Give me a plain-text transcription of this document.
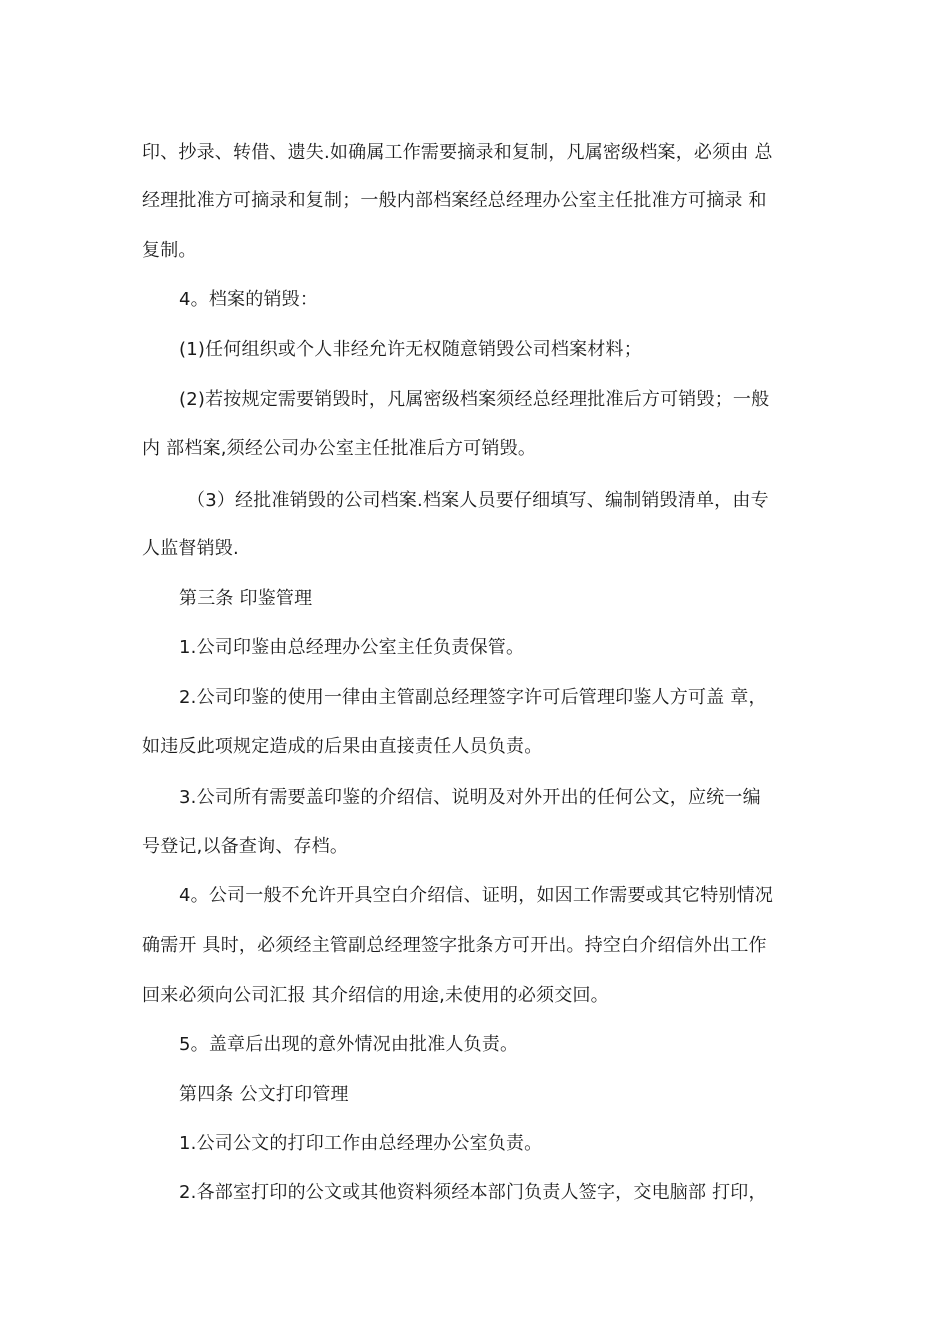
印、抄录、转借、遗失.如确属工作需要摘录和复制，凡属密级档案，必须由 总
经理批准方可摘录和复制；一般内部档案经总经理办公室主任批准方可摘录 和
复制。
4。档案的销毁：
(1)任何组织或个人非经允许无权随意销毁公司档案材料；
(2)若按规定需要销毁时，凡属密级档案须经总经理批准后方可销毁；一般
内 部档案,须经公司办公室主任批准后方可销毁。
（3）经批准销毁的公司档案.档案人员要仔细填写、编制销毁清单，由专
人监督销毁.
第三条 印鉴管理
1.公司印鉴由总经理办公室主任负责保管。
2.公司印鉴的使用一律由主管副总经理签字许可后管理印鉴人方可盖 章，
如违反此项规定造成的后果由直接责任人员负责。
3.公司所有需要盖印鉴的介绍信、说明及对外开出的任何公文，应统一编
号登记,以备查询、存档。
4。公司一般不允许开具空白介绍信、证明，如因工作需要或其它特别情况
确需开 具时，必须经主管副总经理签字批条方可开出。持空白介绍信外出工作
回来必须向公司汇报 其介绍信的用途,未使用的必须交回。
5。盖章后出现的意外情况由批准人负责。
第四条 公文打印管理
1.公司公文的打印工作由总经理办公室负责。
2.各部室打印的公文或其他资料须经本部门负责人签字，交电脑部 打印，
